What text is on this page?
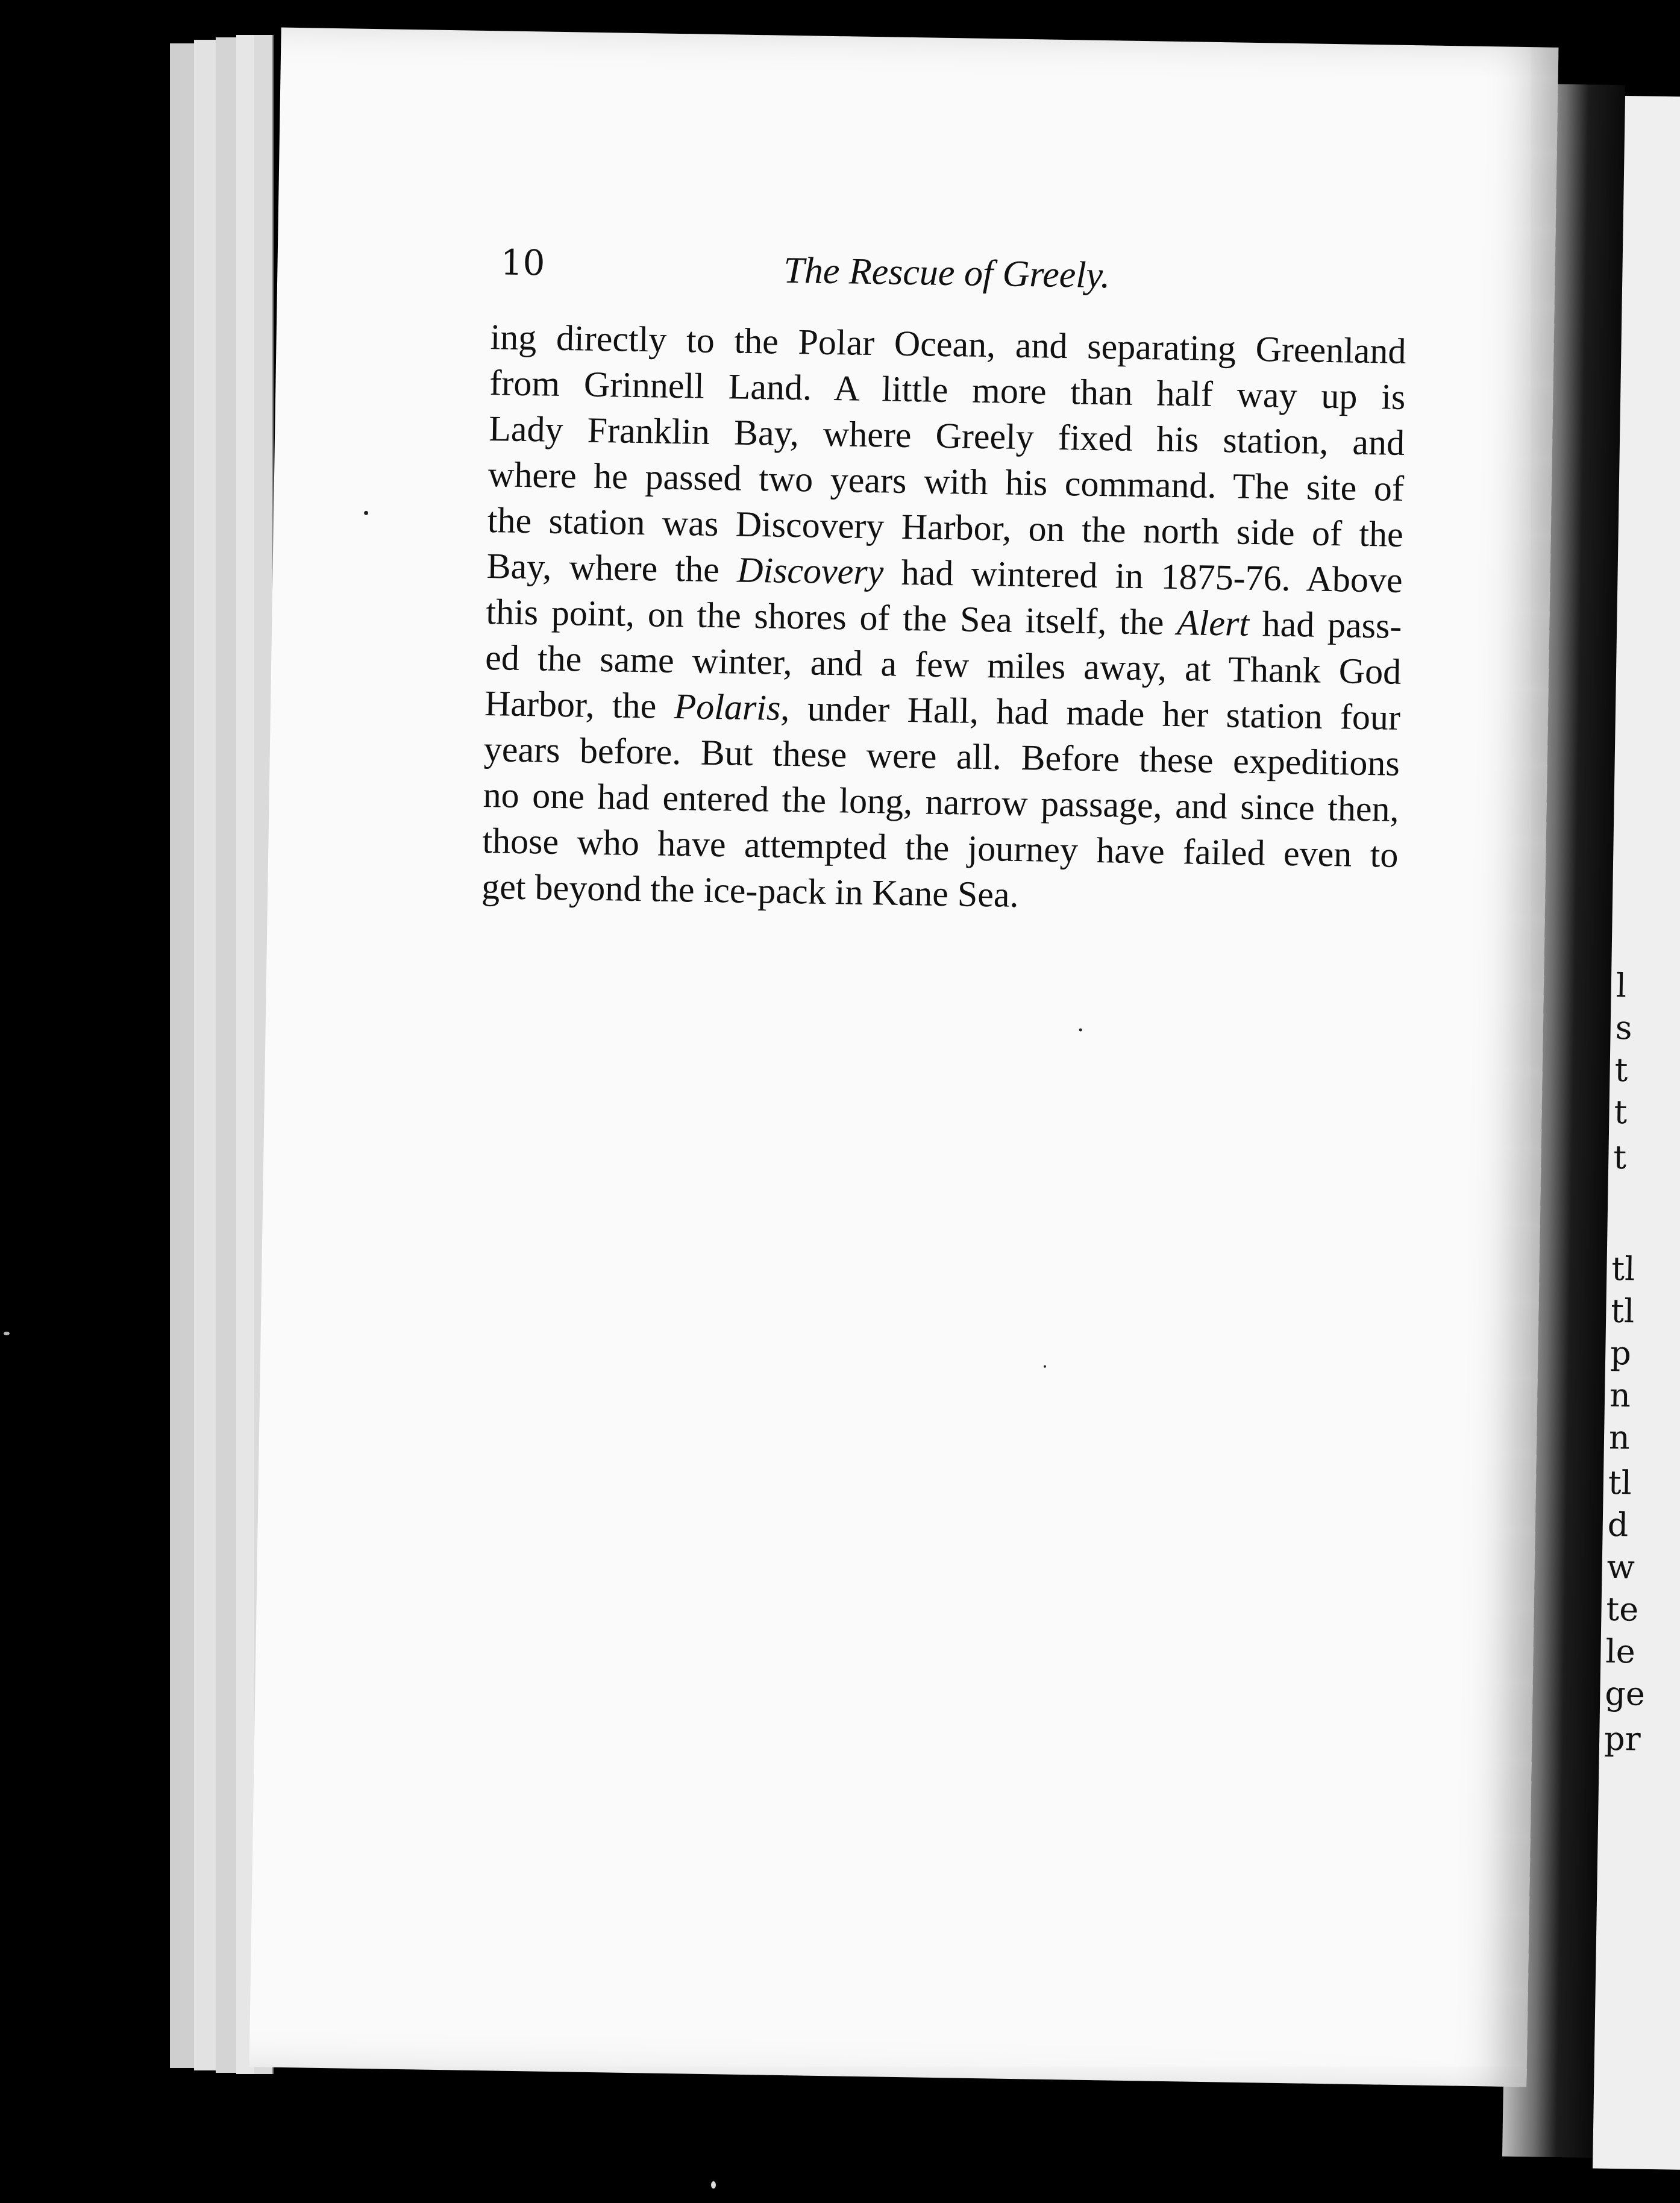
l
s
t
t
t
tl
tl
p
n
n
tl
d
w
te
le
ge
pr
10	The Rescue of Greely.
ing directly to the Polar Ocean, and separating Greenland
from Grinnell Land. A little more than half way up is
Lady Franklin Bay, where Greely fixed his station, and
where he passed two years with his command. The site of
the station was Discovery Harbor, on the north side of the
Bay, where the Discovery had wintered in 1875-76. Above
this point, on the shores of the Sea itself, the Alert had pass-
ed the same winter, and a few miles away, at Thank God
Harbor, the Polaris, under Hall, had made her station four
years before. But these were all. Before these expeditions
no one had entered the long, narrow passage, and since then,
those who have attempted the journey have failed even to
get beyond the ice-pack in Kane Sea.
